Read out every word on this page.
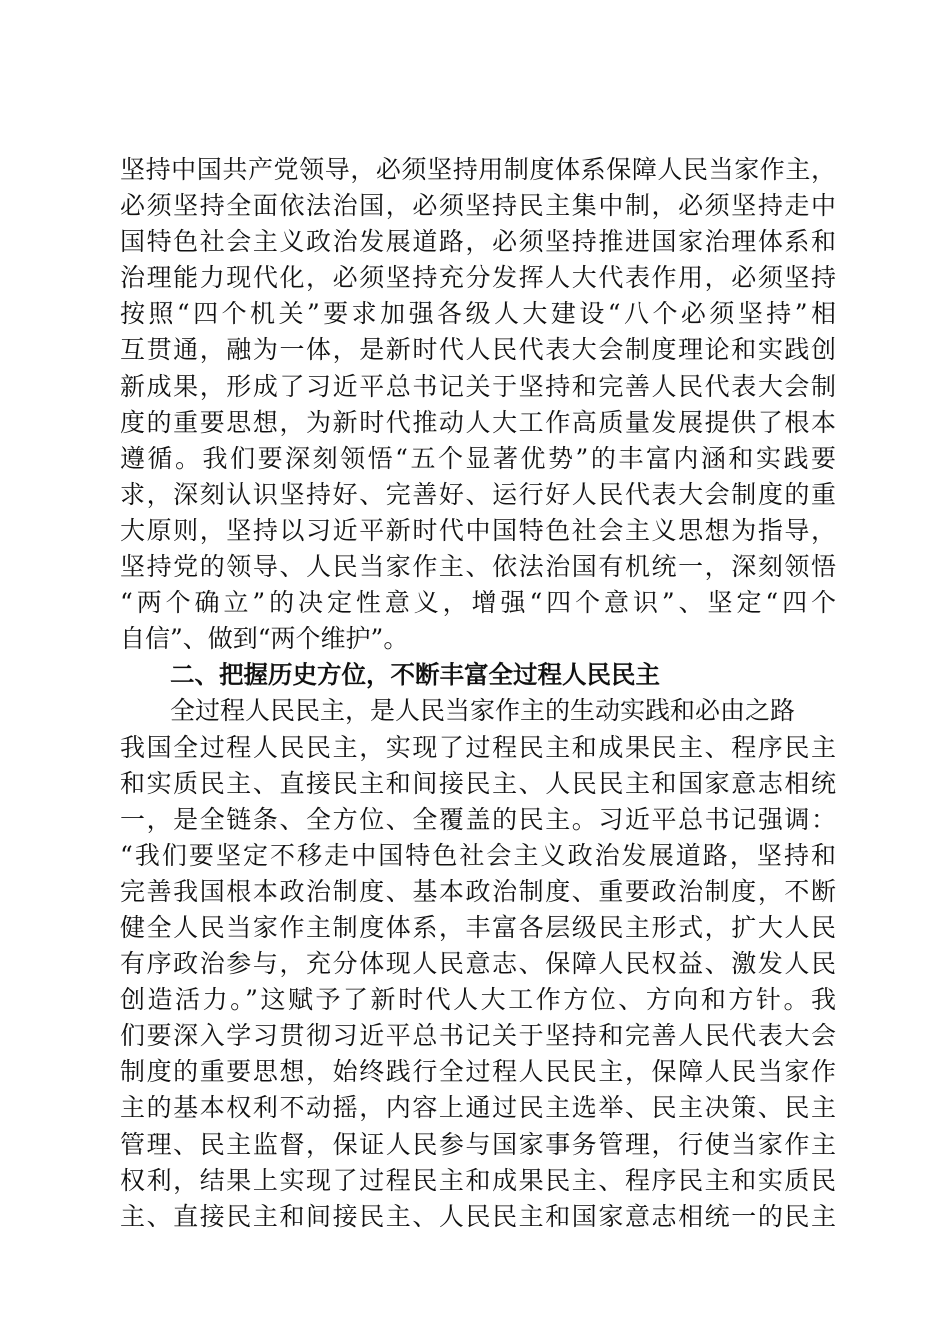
坚持中国共产党领导，必须坚持用制度体系保障人民当家作主，
必须坚持全面依法治国，必须坚持民主集中制，必须坚持走中
国特色社会主义政治发展道路，必须坚持推进国家治理体系和
治理能力现代化，必须坚持充分发挥人大代表作用，必须坚持
按照“四个机关”要求加强各级人大建设“八个必须坚持”相
互贯通，融为一体，是新时代人民代表大会制度理论和实践创
新成果，形成了习近平总书记关于坚持和完善人民代表大会制
度的重要思想，为新时代推动人大工作高质量发展提供了根本
遵循。我们要深刻领悟“五个显著优势”的丰富内涵和实践要
求，深刻认识坚持好、完善好、运行好人民代表大会制度的重
大原则，坚持以习近平新时代中国特色社会主义思想为指导，
坚持党的领导、人民当家作主、依法治国有机统一，深刻领悟
“两个确立”的决定性意义，增强“四个意识”、坚定“四个
自信”、做到“两个维护”。
二、把握历史方位，不断丰富全过程人民民主
全过程人民民主，是人民当家作主的生动实践和必由之路
我国全过程人民民主，实现了过程民主和成果民主、程序民主
和实质民主、直接民主和间接民主、人民民主和国家意志相统
一，是全链条、全方位、全覆盖的民主。习近平总书记强调：
“我们要坚定不移走中国特色社会主义政治发展道路，坚持和
完善我国根本政治制度、基本政治制度、重要政治制度，不断
健全人民当家作主制度体系，丰富各层级民主形式，扩大人民
有序政治参与，充分体现人民意志、保障人民权益、激发人民
创造活力。”这赋予了新时代人大工作方位、方向和方针。我
们要深入学习贯彻习近平总书记关于坚持和完善人民代表大会
制度的重要思想，始终践行全过程人民民主，保障人民当家作
主的基本权利不动摇，内容上通过民主选举、民主决策、民主
管理、民主监督，保证人民参与国家事务管理，行使当家作主
权利，结果上实现了过程民主和成果民主、程序民主和实质民
主、直接民主和间接民主、人民民主和国家意志相统一的民主
